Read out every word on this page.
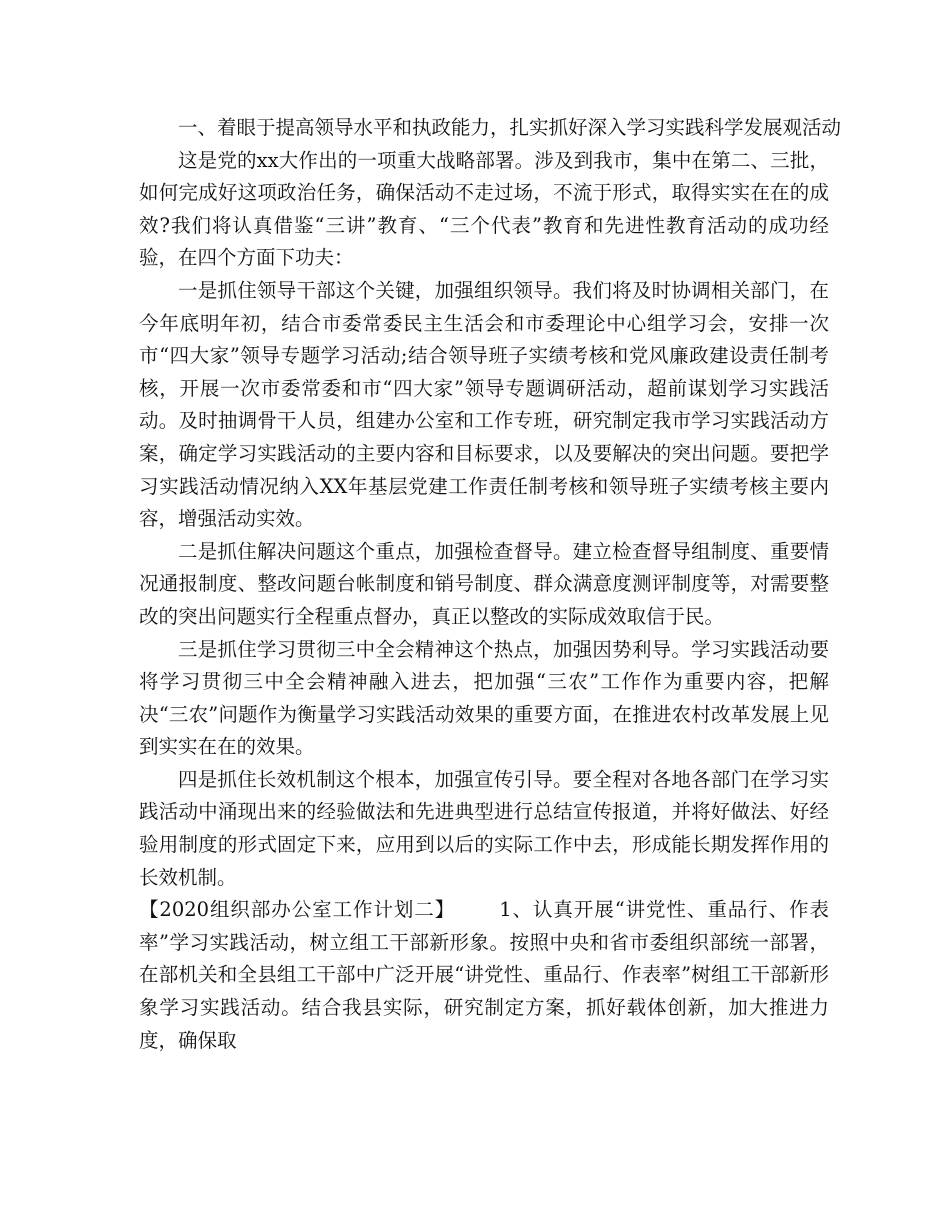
一、着眼于提高领导水平和执政能力，扎实抓好深入学习实践科学发展观活动

这是党的xx大作出的一项重大战略部署。涉及到我市，集中在第二、三批，如何完成好这项政治任务，确保活动不走过场，不流于形式，取得实实在在的成效?我们将认真借鉴“三讲”教育、“三个代表”教育和先进性教育活动的成功经验，在四个方面下功夫：

一是抓住领导干部这个关键，加强组织领导。我们将及时协调相关部门，在今年底明年初，结合市委常委民主生活会和市委理论中心组学习会，安排一次市“四大家”领导专题学习活动;结合领导班子实绩考核和党风廉政建设责任制考核，开展一次市委常委和市“四大家”领导专题调研活动，超前谋划学习实践活动。及时抽调骨干人员，组建办公室和工作专班，研究制定我市学习实践活动方案，确定学习实践活动的主要内容和目标要求，以及要解决的突出问题。要把学习实践活动情况纳入XX年基层党建工作责任制考核和领导班子实绩考核主要内容，增强活动实效。

二是抓住解决问题这个重点，加强检查督导。建立检查督导组制度、重要情况通报制度、整改问题台帐制度和销号制度、群众满意度测评制度等，对需要整改的突出问题实行全程重点督办，真正以整改的实际成效取信于民。

三是抓住学习贯彻三中全会精神这个热点，加强因势利导。学习实践活动要将学习贯彻三中全会精神融入进去，把加强“三农”工作作为重要内容，把解决“三农”问题作为衡量学习实践活动效果的重要方面，在推进农村改革发展上见到实实在在的效果。

四是抓住长效机制这个根本，加强宣传引导。要全程对各地各部门在学习实践活动中涌现出来的经验做法和先进典型进行总结宣传报道，并将好做法、好经验用制度的形式固定下来，应用到以后的实际工作中去，形成能长期发挥作用的长效机制。

【2020组织部办公室工作计划二】 1、认真开展“讲党性、重品行、作表率”学习实践活动，树立组工干部新形象。按照中央和省市委组织部统一部署，在部机关和全县组工干部中广泛开展“讲党性、重品行、作表率”树组工干部新形象学习实践活动。结合我县实际，研究制定方案，抓好载体创新，加大推进力度，确保取
